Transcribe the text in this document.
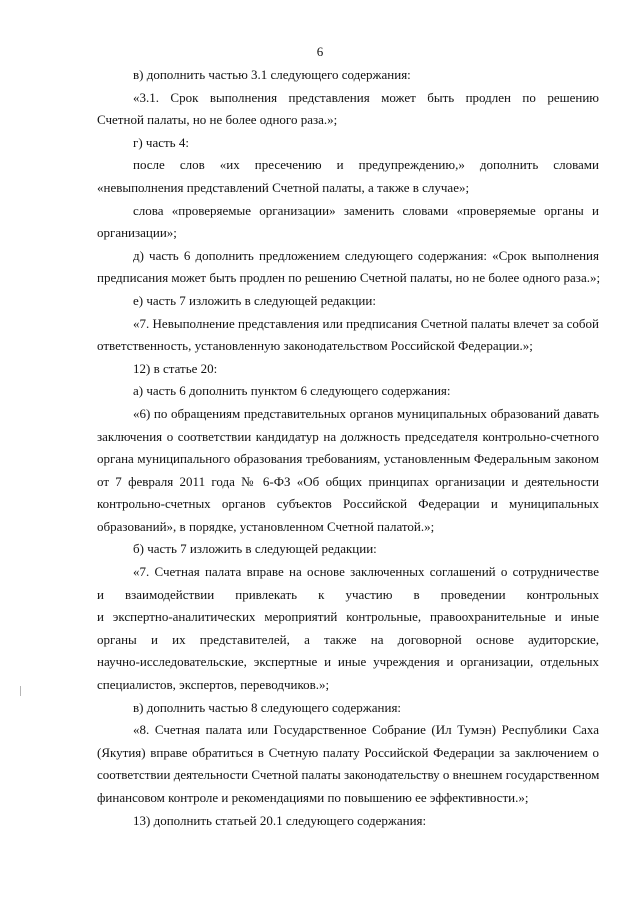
6
в) дополнить частью 3.1 следующего содержания:
«3.1. Срок выполнения представления может быть продлен по решению
Счетной палаты, но не более одного раза.»;
г) часть 4:
после слов «их пресечению и предупреждению,» дополнить словами
«невыполнения представлений Счетной палаты, а также в случае»;
слова «проверяемые организации» заменить словами «проверяемые органы и
организации»;
д) часть 6 дополнить предложением следующего содержания: «Срок выполнения
предписания может быть продлен по решению Счетной палаты, но не более одного раза.»;
е) часть 7 изложить в следующей редакции:
«7. Невыполнение представления или предписания Счетной палаты влечет за собой
ответственность, установленную законодательством Российской Федерации.»;
12) в статье 20:
а) часть 6 дополнить пунктом 6 следующего содержания:
«6) по обращениям представительных органов муниципальных образований давать
заключения о соответствии кандидатур на должность председателя контрольно-счетного
органа муниципального образования требованиям, установленным Федеральным законом
от 7 февраля 2011 года № 6-ФЗ «Об общих принципах организации и деятельности
контрольно-счетных органов субъектов Российской Федерации и муниципальных
образований», в порядке, установленном Счетной палатой.»;
б) часть 7 изложить в следующей редакции:
«7. Счетная палата вправе на основе заключенных соглашений о сотрудничестве
и взаимодействии привлекать к участию в проведении контрольных
и экспертно-аналитических мероприятий контрольные, правоохранительные и иные
органы и их представителей, а также на договорной основе аудиторские,
научно-исследовательские, экспертные и иные учреждения и организации, отдельных
специалистов, экспертов, переводчиков.»;
в) дополнить частью 8 следующего содержания:
«8. Счетная палата или Государственное Собрание (Ил Тумэн) Республики Саха
(Якутия) вправе обратиться в Счетную палату Российской Федерации за заключением о
соответствии деятельности Счетной палаты законодательству о внешнем государственном
финансовом контроле и рекомендациями по повышению ее эффективности.»;
13) дополнить статьей 20.1 следующего содержания:
